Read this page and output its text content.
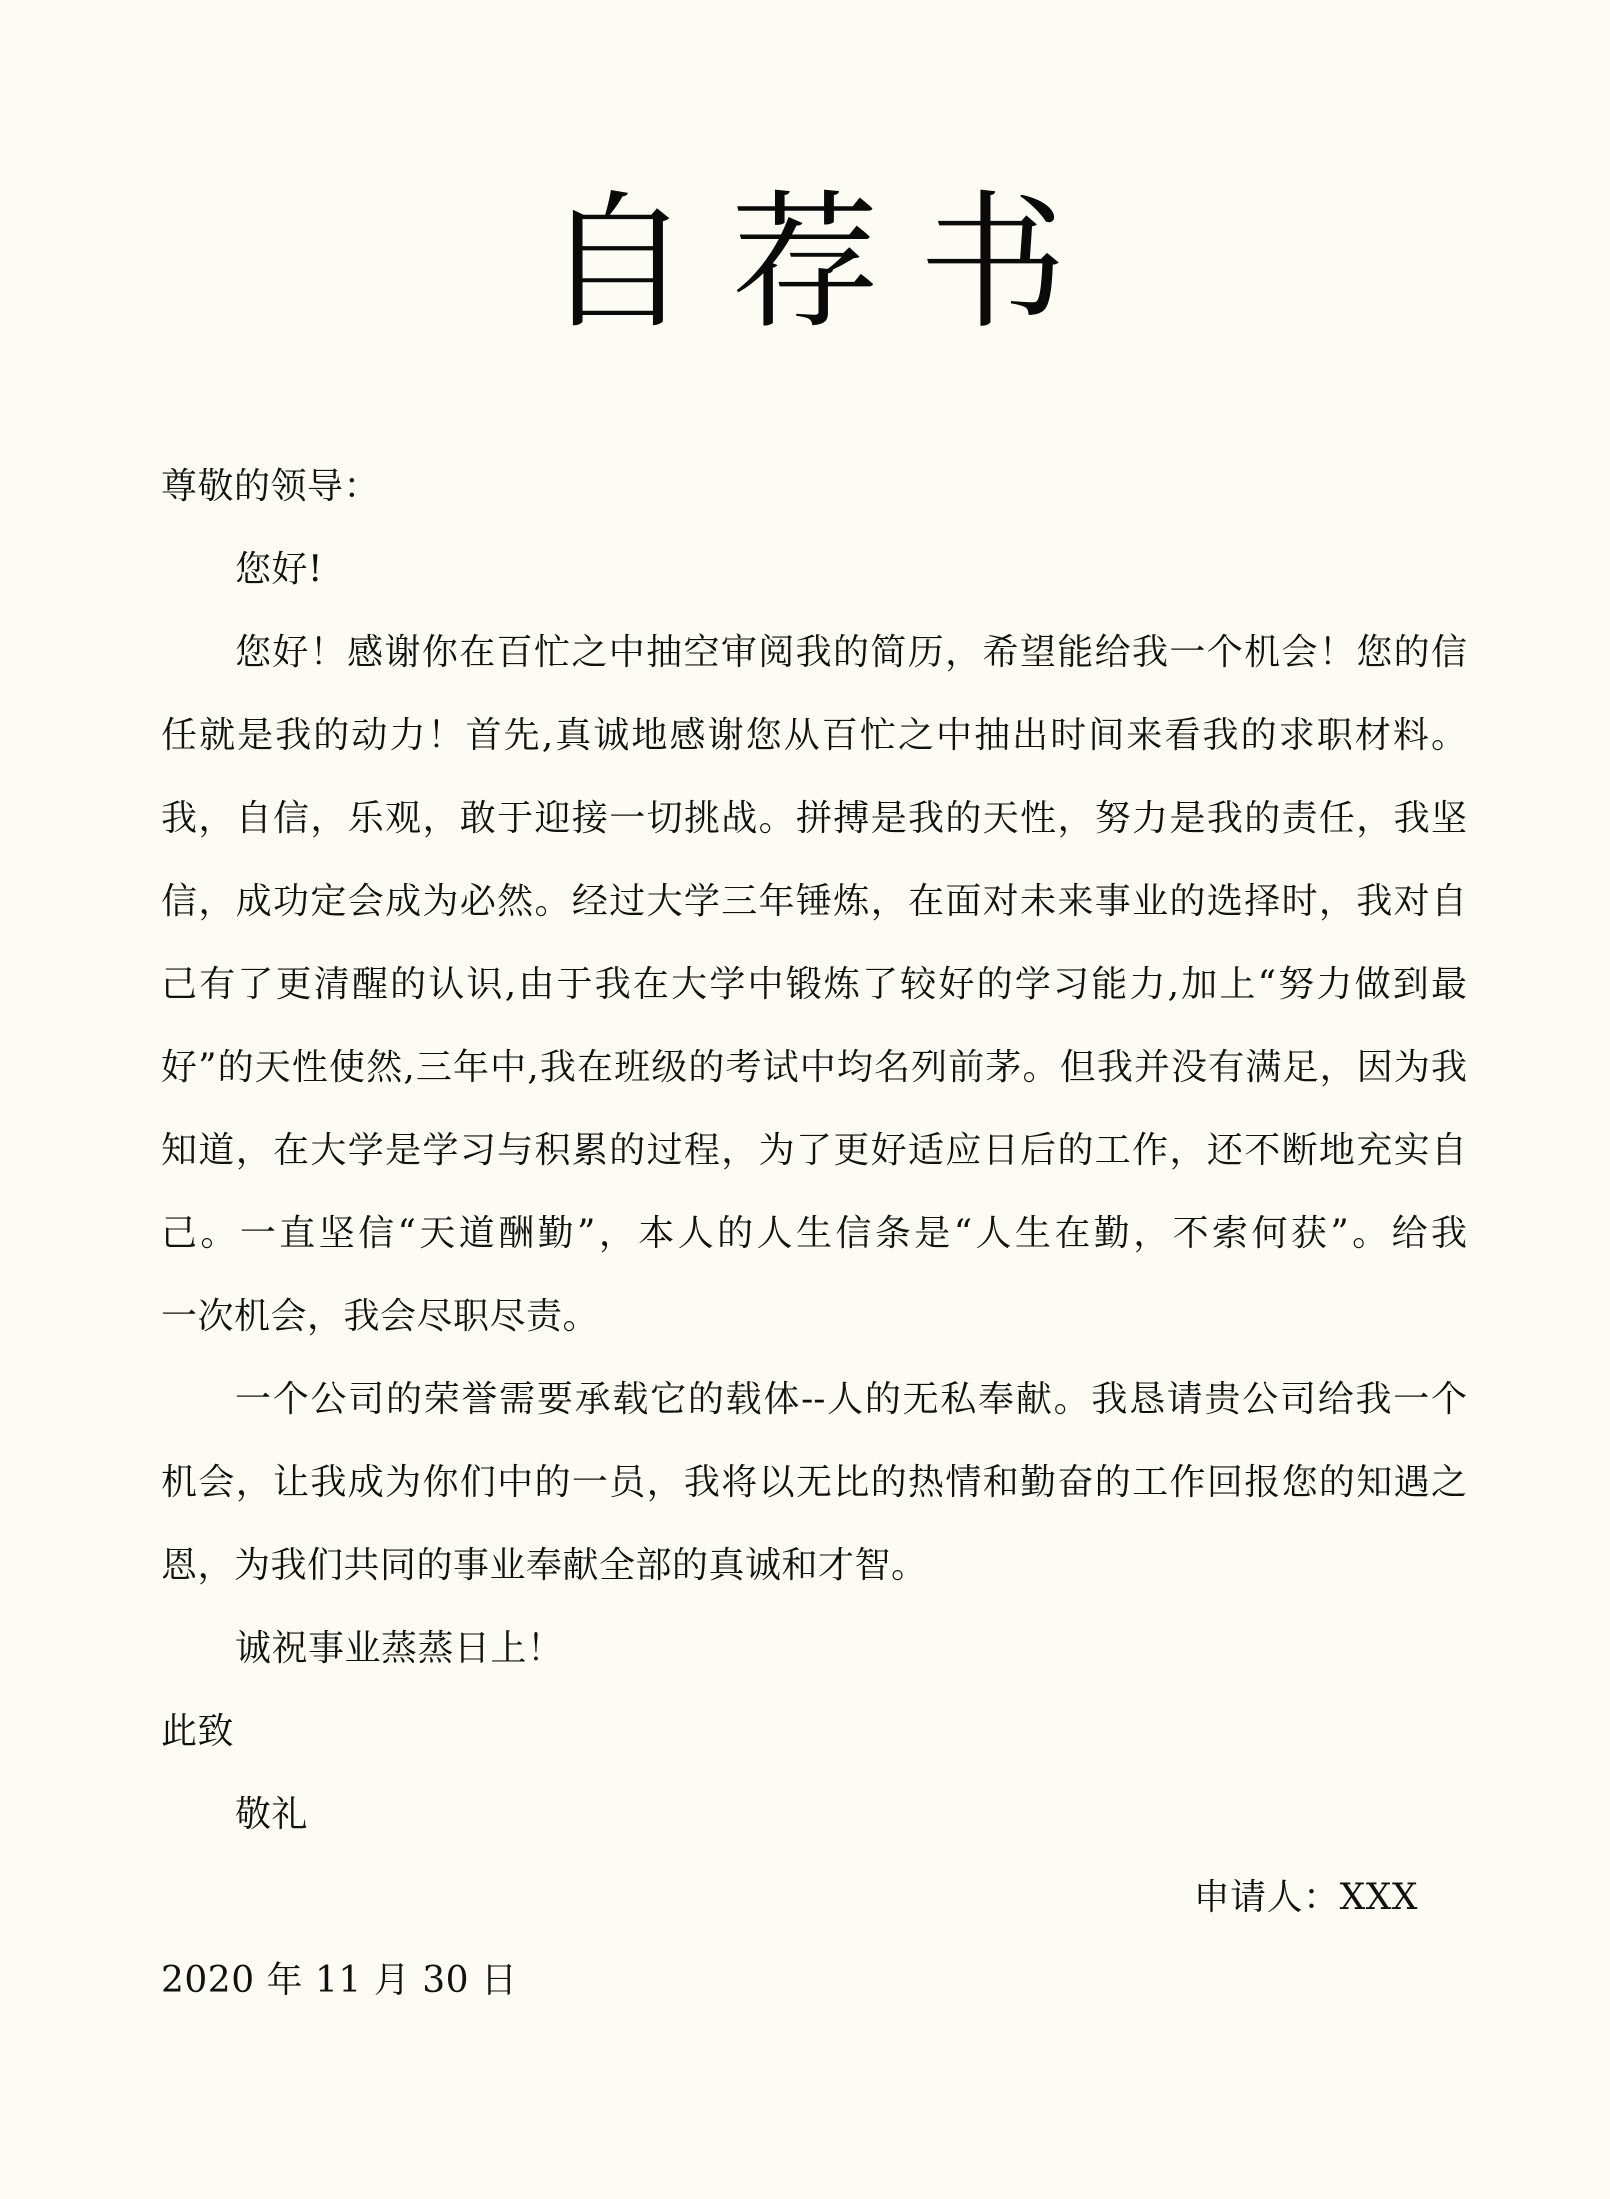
自荐书
尊敬的领导：
您好!
您好！感谢你在百忙之中抽空审阅我的简历，希望能给我一个机会！您的信
任就是我的动力！首先,真诚地感谢您从百忙之中抽出时间来看我的求职材料。
我，自信，乐观，敢于迎接一切挑战。拼搏是我的天性，努力是我的责任，我坚
信，成功定会成为必然。经过大学三年锤炼，在面对未来事业的选择时，我对自
己有了更清醒的认识,由于我在大学中锻炼了较好的学习能力,加上“努力做到最
好”的天性使然,三年中,我在班级的考试中均名列前茅。但我并没有满足，因为我
知道，在大学是学习与积累的过程，为了更好适应日后的工作，还不断地充实自
己。一直坚信“天道酬勤”，本人的人生信条是“人生在勤，不索何获”。给我
一次机会，我会尽职尽责。
一个公司的荣誉需要承载它的载体--人的无私奉献。我恳请贵公司给我一个
机会，让我成为你们中的一员，我将以无比的热情和勤奋的工作回报您的知遇之
恩，为我们共同的事业奉献全部的真诚和才智。
诚祝事业蒸蒸日上！
此致
敬礼
申请人：XXX
2020 年 11 月 30 日
